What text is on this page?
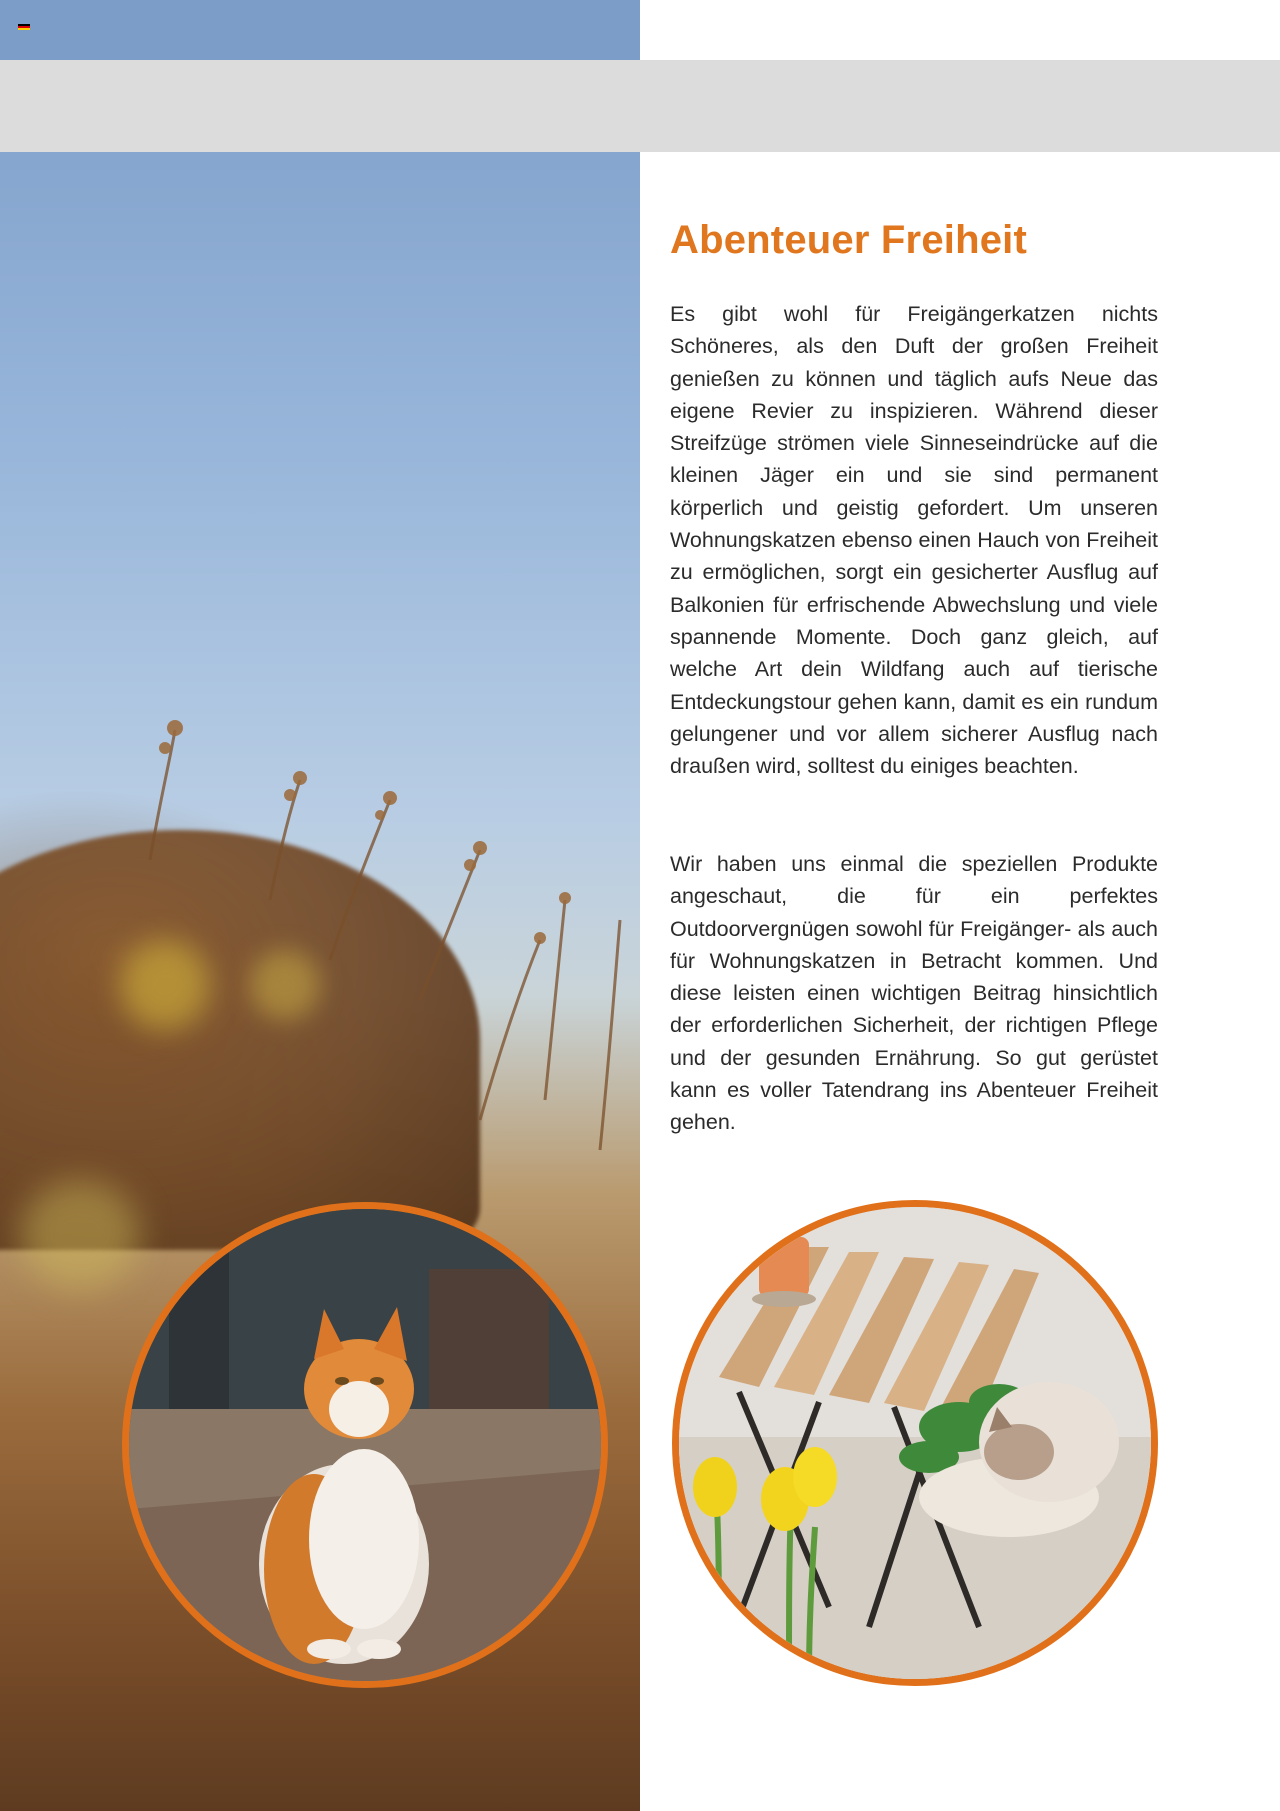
Abenteuer Freiheit

Es gibt wohl für Freigängerkatzen nichts Schöneres, als den Duft der großen Freiheit genießen zu können und täglich aufs Neue das eigene Revier zu inspizieren. Während dieser Streifzüge strömen viele Sinneseindrücke auf die kleinen Jäger ein und sie sind permanent körperlich und geistig gefordert. Um unseren Wohnungskatzen ebenso einen Hauch von Freiheit zu ermöglichen, sorgt ein gesicherter Ausflug auf Balkonien für erfrischende Abwechslung und viele spannende Momente. Doch ganz gleich, auf welche Art dein Wildfang auch auf tierische Entdeckungstour gehen kann, damit es ein rundum gelungener und vor allem sicherer Ausflug nach draußen wird, solltest du einiges beachten.

Wir haben uns einmal die speziellen Produkte angeschaut, die für ein perfektes Outdoorvergnügen sowohl für Freigänger- als auch für Wohnungskatzen in Betracht kommen. Und diese leisten einen wichtigen Beitrag hinsichtlich der erforderlichen Sicherheit, der richtigen Pflege und der gesunden Ernährung. So gut gerüstet kann es voller Tatendrang ins Abenteuer Freiheit gehen.
